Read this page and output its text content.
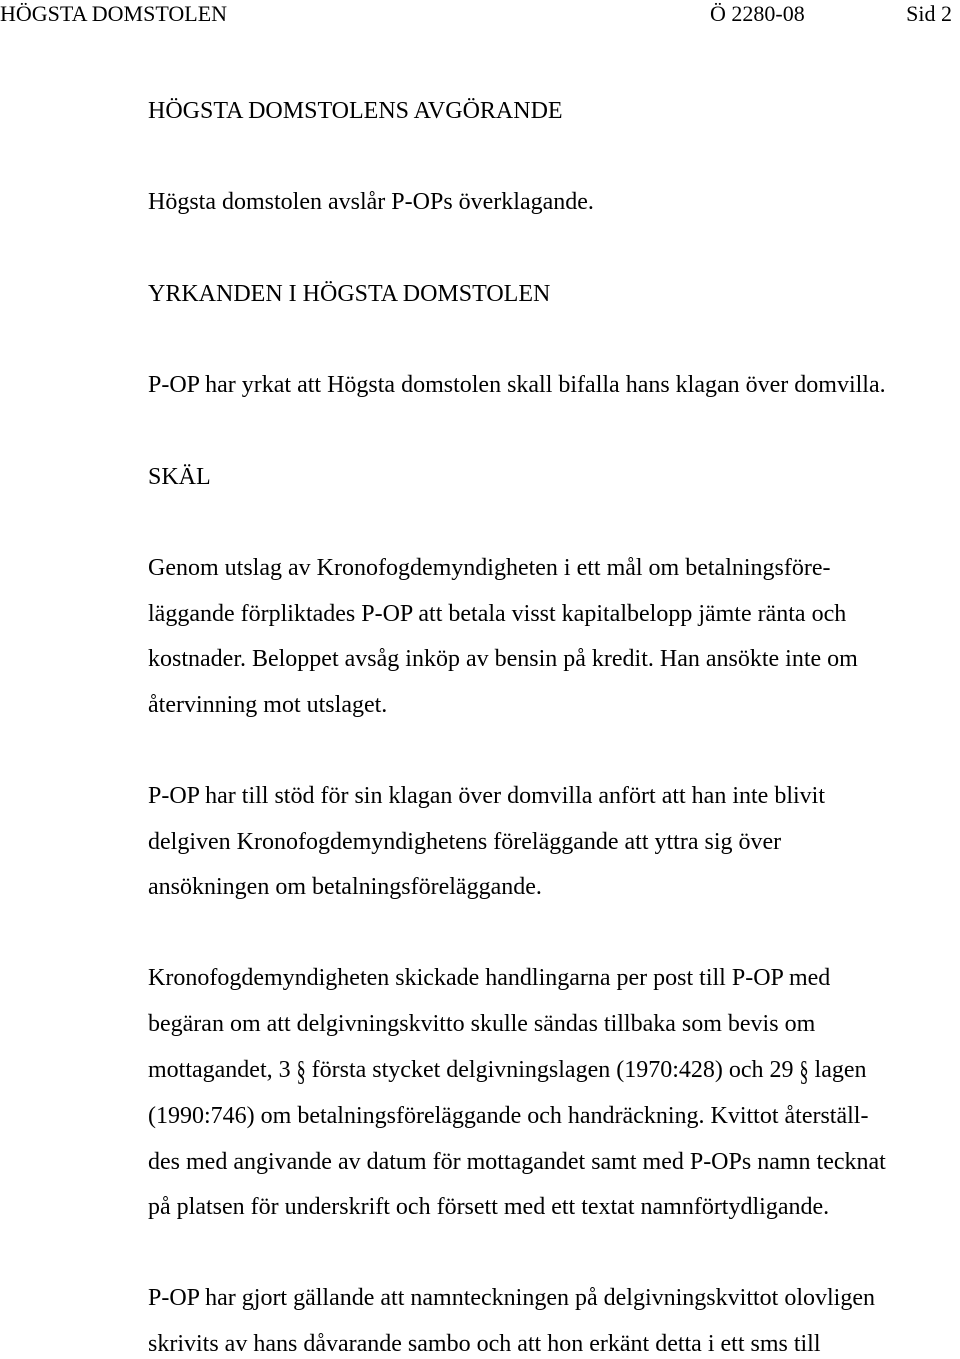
HÖGSTA DOMSTOLEN	Ö 2280-08	Sid 2
HÖGSTA DOMSTOLENS AVGÖRANDE
Högsta domstolen avslår P-OPs överklagande.
YRKANDEN I HÖGSTA DOMSTOLEN
P-OP har yrkat att Högsta domstolen skall bifalla hans klagan över domvilla.
SKÄL
Genom utslag av Kronofogdemyndigheten i ett mål om betalningsföre-
läggande förpliktades P-OP att betala visst kapitalbelopp jämte ränta och
kostnader. Beloppet avsåg inköp av bensin på kredit. Han ansökte inte om
återvinning mot utslaget.
P-OP har till stöd för sin klagan över domvilla anfört att han inte blivit
delgiven Kronofogdemyndighetens föreläggande att yttra sig över
ansökningen om betalningsföreläggande.
Kronofogdemyndigheten skickade handlingarna per post till P-OP med
begäran om att delgivningskvitto skulle sändas tillbaka som bevis om
mottagandet, 3 § första stycket delgivningslagen (1970:428) och 29 § lagen
(1990:746) om betalningsföreläggande och handräckning. Kvittot återställ-
des med angivande av datum för mottagandet samt med P-OPs namn tecknat
på platsen för underskrift och försett med ett textat namnförtydligande.
P-OP har gjort gällande att namnteckningen på delgivningskvittot olovligen
skrivits av hans dåvarande sambo och att hon erkänt detta i ett sms till
